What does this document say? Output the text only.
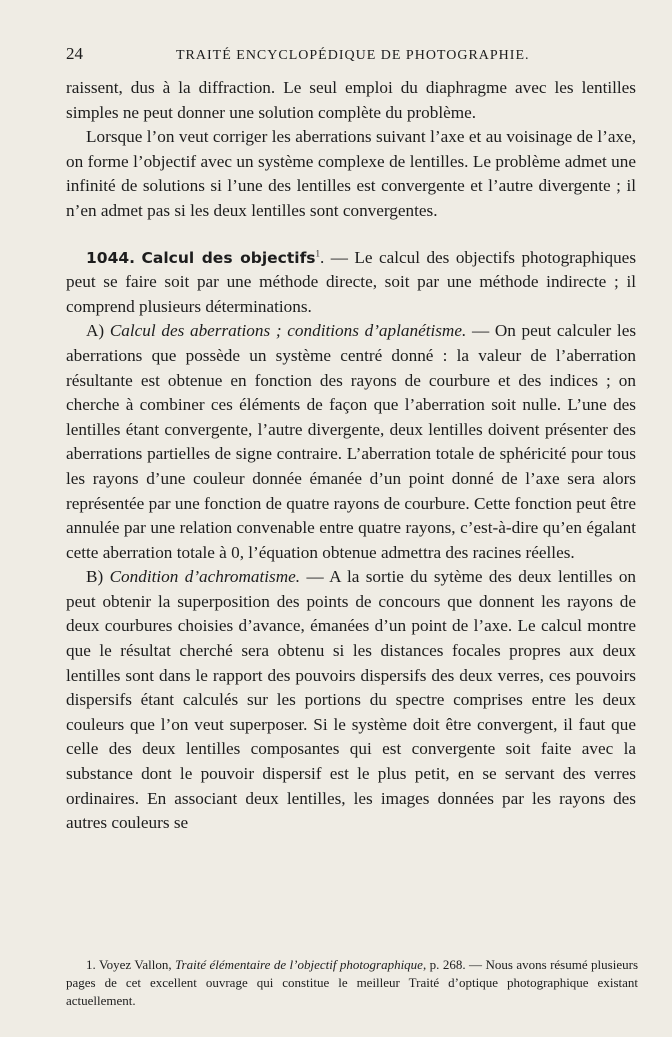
24	TRAITÉ ENCYCLOPÉDIQUE DE PHOTOGRAPHIE.

raissent, dus à la diffraction. Le seul emploi du diaphragme avec les lentilles simples ne peut donner une solution complète du problème.

Lorsque l’on veut corriger les aberrations suivant l’axe et au voisinage de l’axe, on forme l’objectif avec un système complexe de lentilles. Le problème admet une infinité de solutions si l’une des lentilles est convergente et l’autre divergente ; il n’en admet pas si les deux lentilles sont convergentes.

1044. Calcul des objectifs$^1$. — Le calcul des objectifs photographiques peut se faire soit par une méthode directe, soit par une méthode indirecte ; il comprend plusieurs déterminations.

A) Calcul des aberrations ; conditions d’aplanétisme. — On peut calculer les aberrations que possède un système centré donné : la valeur de l’aberration résultante est obtenue en fonction des rayons de courbure et des indices ; on cherche à combiner ces éléments de façon que l’aberration soit nulle. L’une des lentilles étant convergente, l’autre divergente, deux lentilles doivent présenter des aberrations partielles de signe contraire. L’aberration totale de sphéricité pour tous les rayons d’une couleur donnée émanée d’un point donné de l’axe sera alors représentée par une fonction de quatre rayons de courbure. Cette fonction peut être annulée par une relation convenable entre quatre rayons, c’est-à-dire qu’en égalant cette aberration totale à 0, l’équation obtenue admettra des racines réelles.

B) Condition d’achromatisme. — A la sortie du sytème des deux lentilles on peut obtenir la superposition des points de concours que donnent les rayons de deux courbures choisies d’avance, émanées d’un point de l’axe. Le calcul montre que le résultat cherché sera obtenu si les distances focales propres aux deux lentilles sont dans le rapport des pouvoirs dispersifs des deux verres, ces pouvoirs dispersifs étant calculés sur les portions du spectre comprises entre les deux couleurs que l’on veut superposer. Si le système doit être convergent, il faut que celle des deux lentilles composantes qui est convergente soit faite avec la substance dont le pouvoir dispersif est le plus petit, en se servant des verres ordinaires. En associant deux lentilles, les images données par les rayons des autres couleurs se

1. Voyez Vallon, Traité élémentaire de l’objectif photographique, p. 268. — Nous avons résumé plusieurs pages de cet excellent ouvrage qui constitue le meilleur Traité d’optique photographique existant actuellement.
